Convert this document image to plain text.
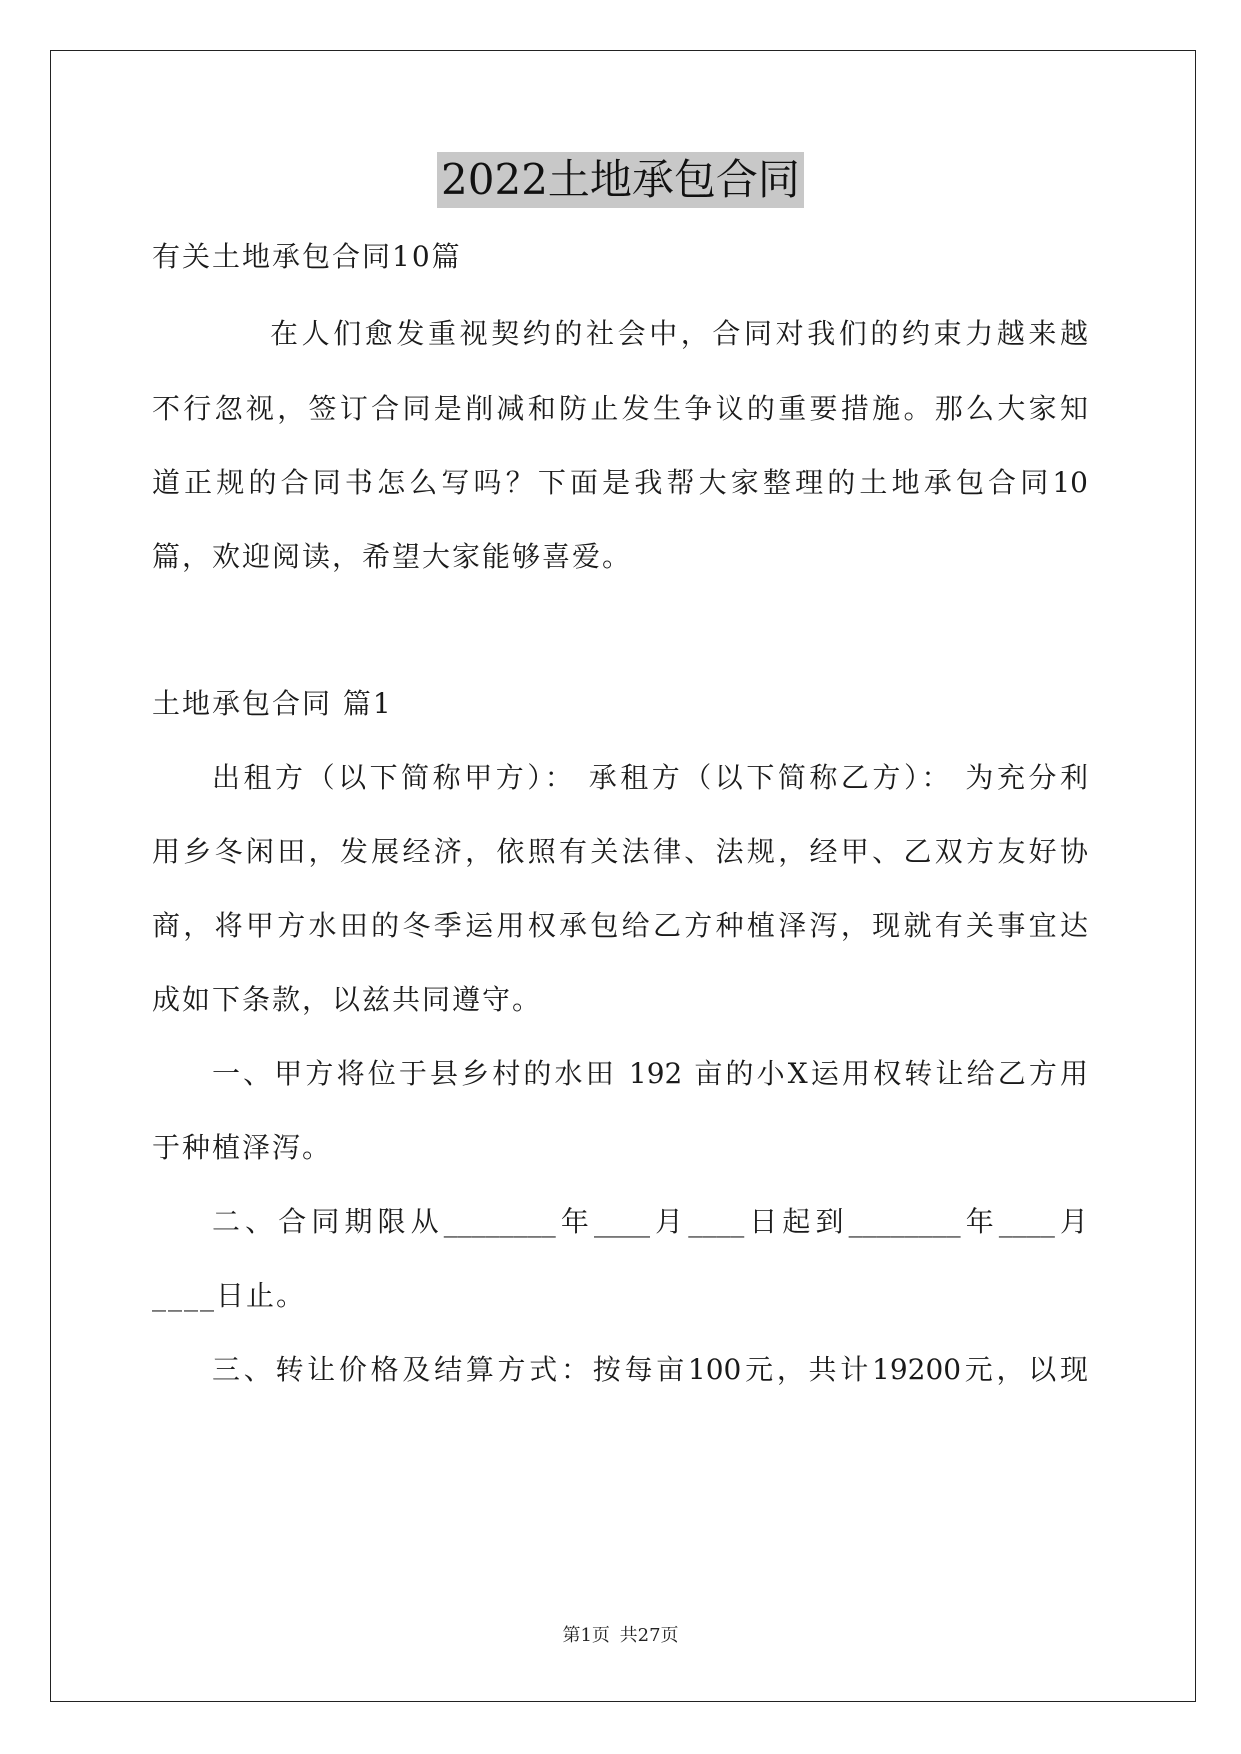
2022土地承包合同
有关土地承包合同10篇
在人们愈发重视契约的社会中，合同对我们的约束力越来越
不行忽视，签订合同是削减和防止发生争议的重要措施。那么大家知
道正规的合同书怎么写吗？下面是我帮大家整理的土地承包合同10
篇，欢迎阅读，希望大家能够喜爱。
土地承包合同 篇1
出租方（以下简称甲方）： 承租方（以下简称乙方）： 为充分利
用乡冬闲田，发展经济，依照有关法律、法规，经甲、乙双方友好协
商，将甲方水田的冬季运用权承包给乙方种植泽泻，现就有关事宜达
成如下条款，以兹共同遵守。
一、甲方将位于县乡村的水田 192 亩的小X运用权转让给乙方用
于种植泽泻。
二、合同期限从________年____月____日起到________年____月
____日止。
三、转让价格及结算方式：按每亩100元，共计19200元，以现
第1页 共27页
